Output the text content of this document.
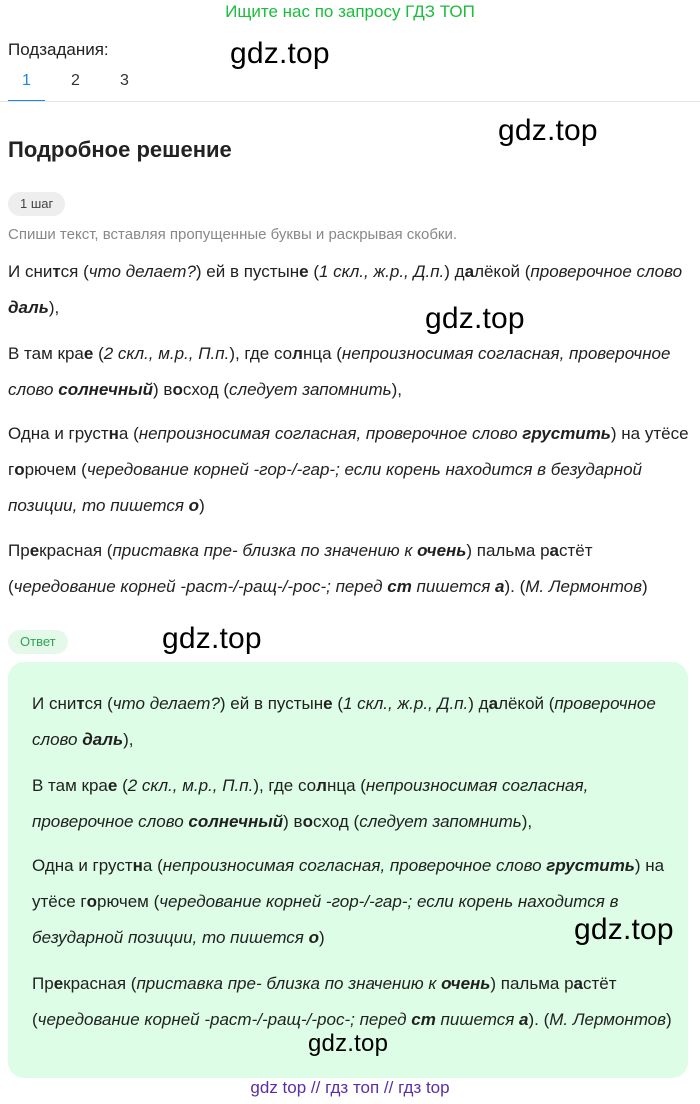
Ищите нас по запросу ГДЗ ТОП
Подзадания:
1	2	3
Подробное решение
1 шаг
Спиши текст, вставляя пропущенные буквы и раскрывая скобки.
И снится (что делает?) ей в пустыне (1 скл., ж.р., Д.п.) далёкой (проверочное слово даль),
В там крае (2 скл., м.р., П.п.), где солнца (непроизносимая согласная, проверочное слово солнечный) восход (следует запомнить),
Одна и грустна (непроизносимая согласная, проверочное слово грустить) на утёсе горючем (чередование корней -гор-/-гар-; если корень находится в безударной позиции, то пишется о)
Прекрасная (приставка пре- близка по значению к очень) пальма растёт (чередование корней -раст-/-ращ-/-рос-; перед ст пишется а). (М. Лермонтов)
Ответ
И снится (что делает?) ей в пустыне (1 скл., ж.р., Д.п.) далёкой (проверочное слово даль),
В там крае (2 скл., м.р., П.п.), где солнца (непроизносимая согласная, проверочное слово солнечный) восход (следует запомнить),
Одна и грустна (непроизносимая согласная, проверочное слово грустить) на утёсе горючем (чередование корней -гор-/-гар-; если корень находится в безударной позиции, то пишется о)
Прекрасная (приставка пре- близка по значению к очень) пальма растёт (чередование корней -раст-/-ращ-/-рос-; перед ст пишется а). (М. Лермонтов)
gdz.top
gdz.top
gdz.top
gdz.top
gdz.top
gdz.top
gdz top // гдз топ // гдз top
